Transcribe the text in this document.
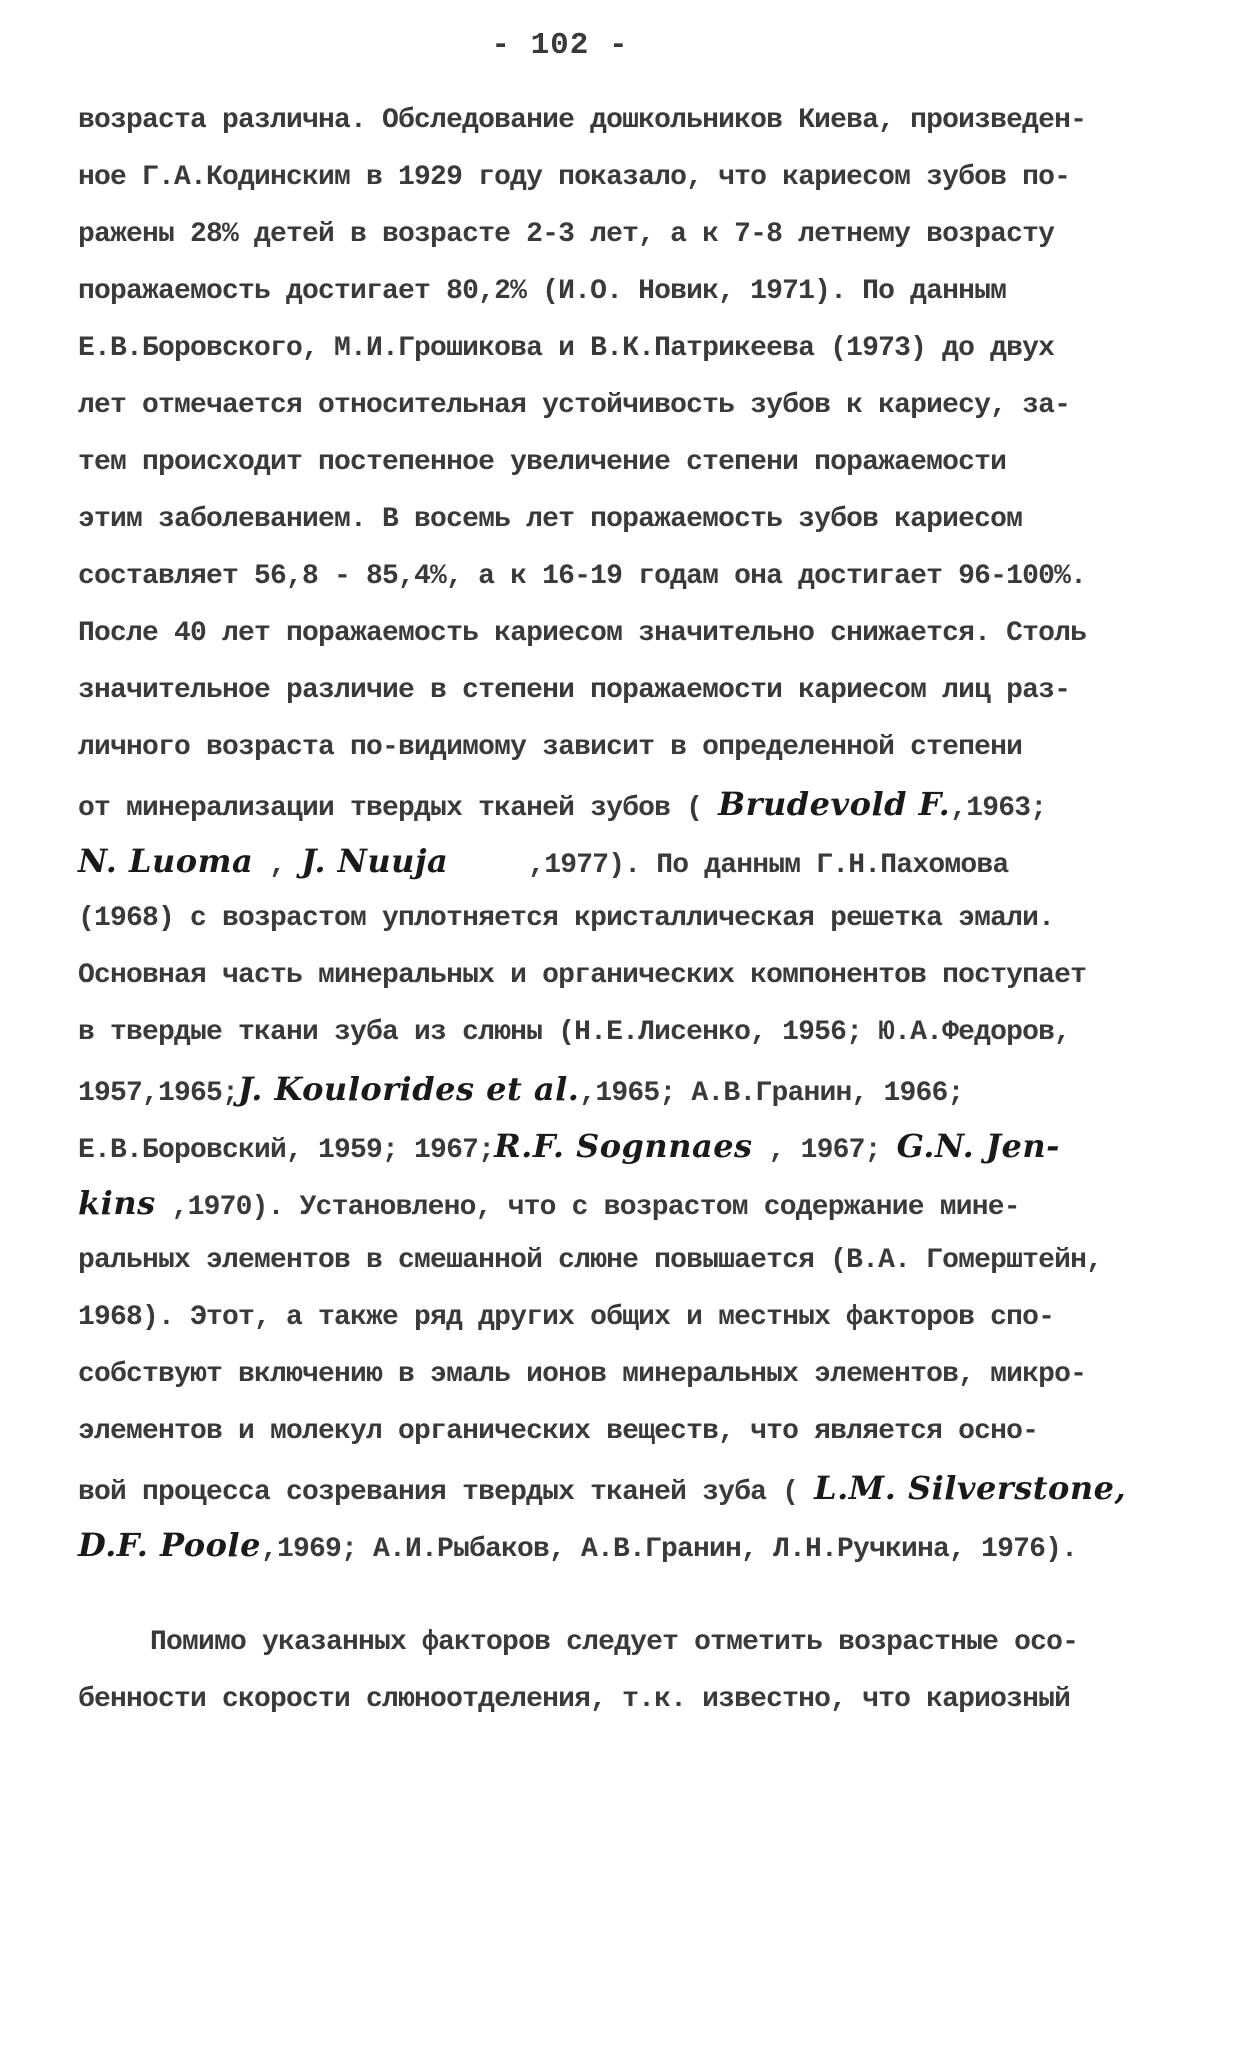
- 102 -
возраста различна. Обследование дошкольников Киева, произведен-
ное Г.А.Кодинским в 1929 году показало, что кариесом зубов по-
ражены 28% детей в возрасте 2-3 лет, а к 7-8 летнему возрасту
поражаемость достигает 80,2% (И.О. Новик, 1971). По данным
Е.В.Боровского, М.И.Грошикова и В.К.Патрикеева (1973) до двух
лет отмечается относительная устойчивость зубов к кариесу, за-
тем происходит постепенное увеличение степени поражаемости
этим заболеванием. В восемь лет поражаемость зубов кариесом
составляет 56,8 - 85,4%, а к 16-19 годам она достигает 96-100%.
После 40 лет поражаемость кариесом значительно снижается. Столь
значительное различие в степени поражаемости кариесом лиц раз-
личного возраста по-видимому зависит в определенной степени
от минерализации твердых тканей зубов ( Brudevold F.,1963;
N. Luoma , J. Nuuja     ,1977). По данным Г.Н.Пахомова
(1968) с возрастом уплотняется кристаллическая решетка эмали.
Основная часть минеральных и органических компонентов поступает
в твердые ткани зуба из слюны (Н.Е.Лисенко, 1956; Ю.А.Федоров,
1957,1965;J. Koulorides et al.,1965; А.В.Гранин, 1966;
Е.В.Боровский, 1959; 1967;R.F. Sognnaes , 1967; G.N. Jen-
kins ,1970). Установлено, что с возрастом содержание мине-
ральных элементов в смешанной слюне повышается (В.А. Гомерштейн,
1968). Этот, а также ряд других общих и местных факторов спо-
собствуют включению в эмаль ионов минеральных элементов, микро-
элементов и молекул органических веществ, что является осно-
вой процесса созревания твердых тканей зуба ( L.M. Silverstone,
D.F. Poole,1969; А.И.Рыбаков, А.В.Гранин, Л.Н.Ручкина, 1976).
Помимо указанных факторов следует отметить возрастные осо-
бенности скорости слюноотделения, т.к. известно, что кариозный
